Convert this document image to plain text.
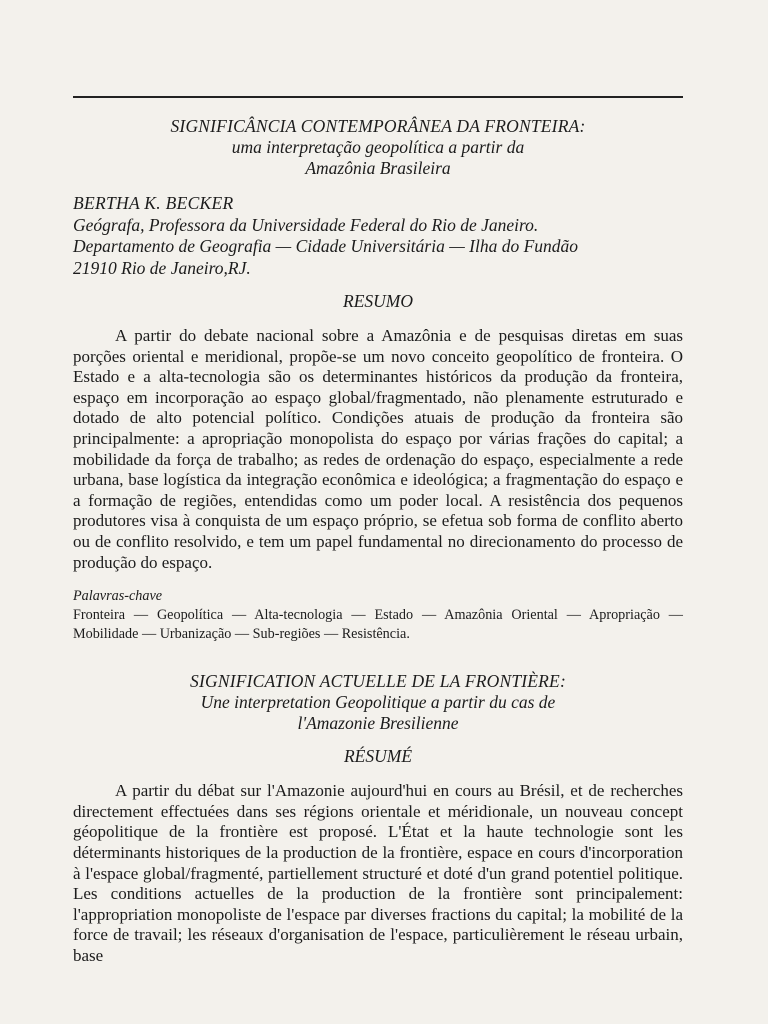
SIGNIFICÂNCIA CONTEMPORÂNEA DA FRONTEIRA:
uma interpretação geopolítica a partir da
Amazônia Brasileira
BERTHA K. BECKER
Geógrafa, Professora da Universidade Federal do Rio de Janeiro.
Departamento de Geografia — Cidade Universitária — Ilha do Fundão
21910 Rio de Janeiro,RJ.
RESUMO

A partir do debate nacional sobre a Amazônia e de pesquisas diretas em suas porções oriental e meridional, propõe-se um novo conceito geopolítico de fronteira. O Estado e a alta-tecnologia são os determinantes históricos da produção da fronteira, espaço em incorporação ao espaço global/fragmentado, não plenamente estruturado e dotado de alto potencial político. Condições atuais de produção da fronteira são principalmente: a apropriação monopolista do espaço por várias frações do capital; a mobilidade da força de trabalho; as redes de ordenação do espaço, especialmente a rede urbana, base logística da integração econômica e ideológica; a fragmentação do espaço e a formação de regiões, entendidas como um poder local. A resistência dos pequenos produtores visa à conquista de um espaço próprio, se efetua sob forma de conflito aberto ou de conflito resolvido, e tem um papel fundamental no direcionamento do processo de produção do espaço.

Palavras-chave
Fronteira — Geopolítica — Alta-tecnologia — Estado — Amazônia Oriental — Apropriação — Mobilidade — Urbanização — Sub-regiões — Resistência.
SIGNIFICATION ACTUELLE DE LA FRONTIÈRE:
Une interpretation Geopolitique a partir du cas de
l'Amazonie Bresilienne
RÉSUMÉ

A partir du débat sur l'Amazonie aujourd'hui en cours au Brésil, et de recherches directement effectuées dans ses régions orientale et méridionale, un nouveau concept géopolitique de la frontière est proposé. L'État et la haute technologie sont les déterminants historiques de la production de la frontière, espace en cours d'incorporation à l'espace global/fragmenté, partiellement structuré et doté d'un grand potentiel politique. Les conditions actuelles de la production de la frontière sont principalement: l'appropriation monopoliste de l'espace par diverses fractions du capital; la mobilité de la force de travail; les réseaux d'organisation de l'espace, particulièrement le réseau urbain, base
